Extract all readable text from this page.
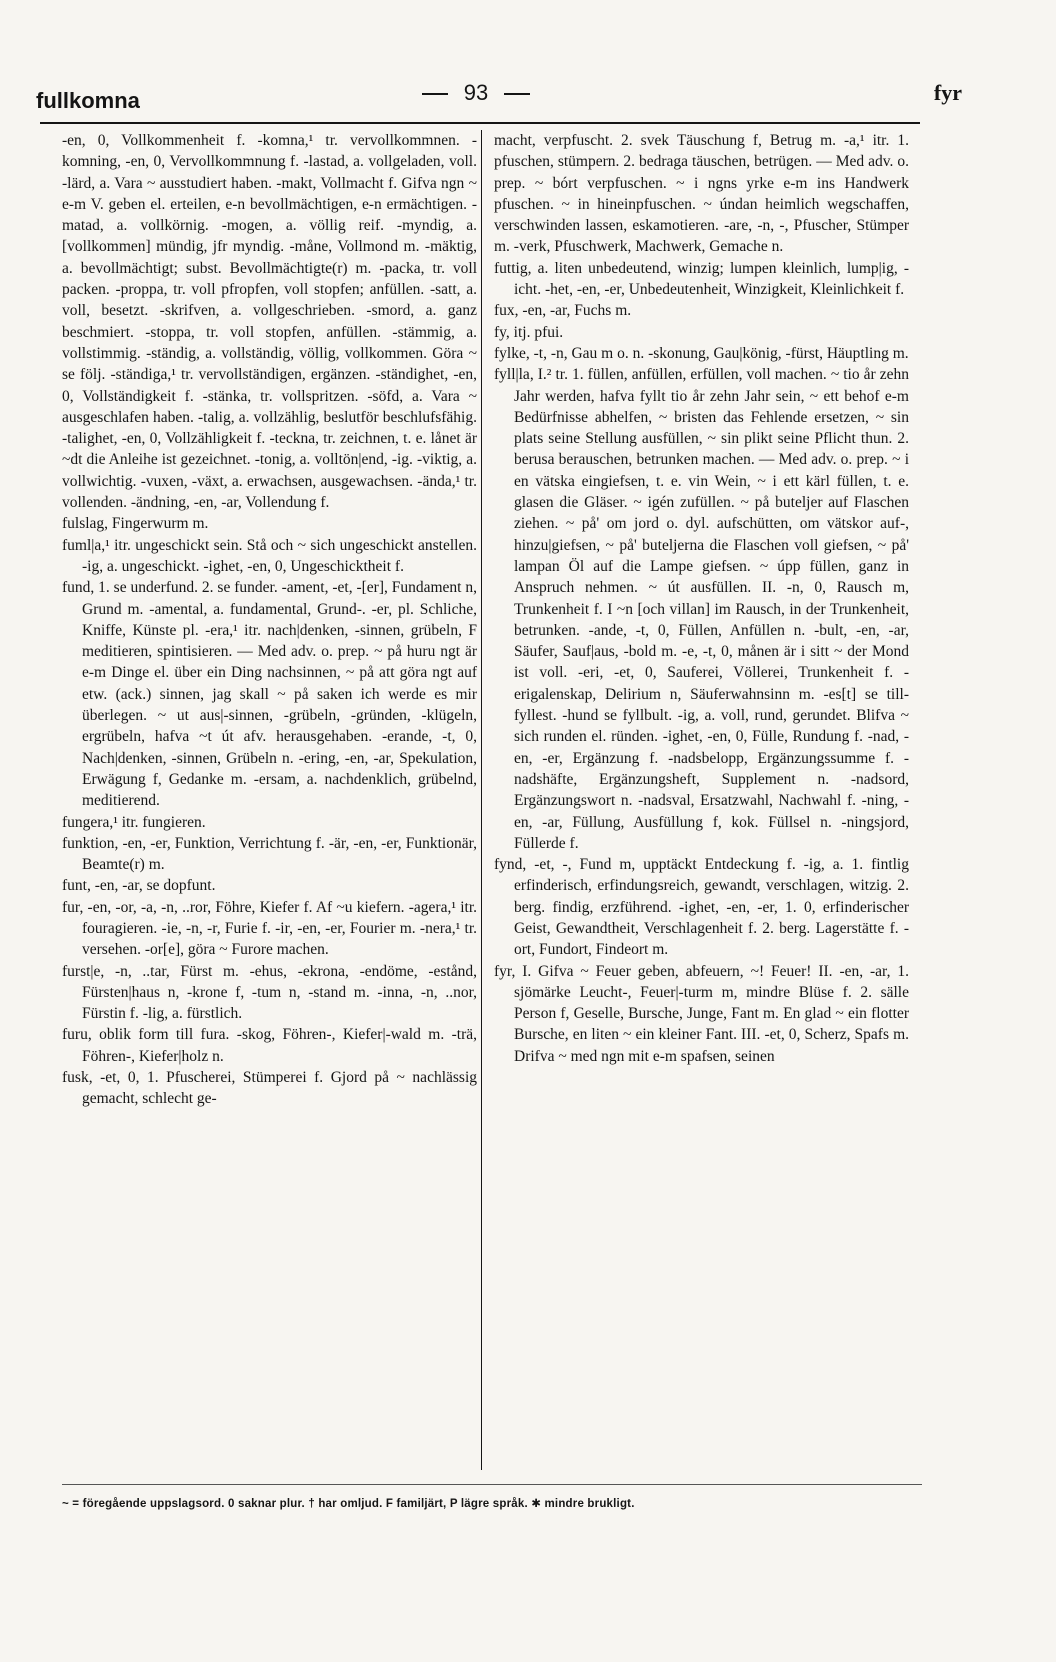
fullkomna	93	fyr

-en, 0, Vollkommenheit f. -komna,¹ tr. vervollkommnen. -komning, -en, 0, Vervollkommnung f. -lastad, a. vollgeladen, voll. -lärd, a. Vara ~ ausstudiert haben. -makt, Vollmacht f. Gifva ngn ~ e-m V. geben el. erteilen, e-n bevollmächtigen, e-n ermächtigen. -matad, a. vollkörnig. -mogen, a. völlig reif. -myndig, a. [vollkommen] mündig, jfr myndig. -måne, Vollmond m. -mäktig, a. bevollmächtigt; subst. Bevollmächtigte(r) m. -packa, tr. voll packen. -proppa, tr. voll pfropfen, voll stopfen; anfüllen. -satt, a. voll, besetzt. -skrifven, a. vollgeschrieben. -smord, a. ganz beschmiert. -stoppa, tr. voll stopfen, anfüllen. -stämmig, a. vollstimmig. -ständig, a. vollständig, völlig, vollkommen. Göra ~ se följ. -ständiga,¹ tr. vervollständigen, ergänzen. -ständighet, -en, 0, Vollständigkeit f. -stänka, tr. vollspritzen. -söfd, a. Vara ~ ausgeschlafen haben. -talig, a. vollzählig, beslutför beschlufsfähig. -talighet, -en, 0, Vollzähligkeit f. -teckna, tr. zeichnen, t. e. lånet är ~dt die Anleihe ist gezeichnet. -tonig, a. volltön|end, -ig. -viktig, a. vollwichtig. -vuxen, -växt, a. erwachsen, ausgewachsen. -ända,¹ tr. vollenden. -ändning, -en, -ar, Vollendung f.

fulslag, Fingerwurm m.

fuml|a,¹ itr. ungeschickt sein. Stå och ~ sich ungeschickt anstellen. -ig, a. ungeschickt. -ighet, -en, 0, Ungeschicktheit f.

fund, 1. se underfund. 2. se funder. -ament, -et, -[er], Fundament n, Grund m. -amental, a. fundamental, Grund-. -er, pl. Schliche, Kniffe, Künste pl. -era,¹ itr. nach|denken, -sinnen, grübeln, F meditieren, spintisieren. — Med adv. o. prep. ~ på huru ngt är e-m Dinge el. über ein Ding nachsinnen, ~ på att göra ngt auf etw. (ack.) sinnen, jag skall ~ på saken ich werde es mir überlegen. ~ ut aus|-sinnen, -grübeln, -gründen, -klügeln, ergrübeln, hafva ~t út afv. herausgehaben. -erande, -t, 0, Nach|denken, -sinnen, Grübeln n. -ering, -en, -ar, Spekulation, Erwägung f, Gedanke m. -ersam, a. nachdenklich, grübelnd, meditierend.

fungera,¹ itr. fungieren.

funktion, -en, -er, Funktion, Verrichtung f. -är, -en, -er, Funktionär, Beamte(r) m.

funt, -en, -ar, se dopfunt.

fur, -en, -or, -a, -n, ..ror, Föhre, Kiefer f. Af ~u kiefern. -agera,¹ itr. fouragieren. -ie, -n, -r, Furie f. -ir, -en, -er, Fourier m. -nera,¹ tr. versehen. -or[e], göra ~ Furore machen.

furst|e, -n, ..tar, Fürst m. -ehus, -ekrona, -endöme, -estånd, Fürsten|haus n, -krone f, -tum n, -stand m. -inna, -n, ..nor, Fürstin f. -lig, a. fürstlich.

furu, oblik form till fura. -skog, Föhren-, Kiefer|-wald m. -trä, Föhren-, Kiefer|holz n.

fusk, -et, 0, 1. Pfuscherei, Stümperei f. Gjord på ~ nachlässig gemacht, schlecht ge-

macht, verpfuscht. 2. svek Täuschung f, Betrug m. -a,¹ itr. 1. pfuschen, stümpern. 2. bedraga täuschen, betrügen. — Med adv. o. prep. ~ bórt verpfuschen. ~ i ngns yrke e-m ins Handwerk pfuschen. ~ in hineinpfuschen. ~ úndan heimlich wegschaffen, verschwinden lassen, eskamotieren. -are, -n, -, Pfuscher, Stümper m. -verk, Pfuschwerk, Machwerk, Gemache n.

futtig, a. liten unbedeutend, winzig; lumpen kleinlich, lump|ig, -icht. -het, -en, -er, Unbedeutenheit, Winzigkeit, Kleinlichkeit f.

fux, -en, -ar, Fuchs m.

fy, itj. pfui.

fylke, -t, -n, Gau m o. n. -skonung, Gau|könig, -fürst, Häuptling m.

fyll|la, I.² tr. 1. füllen, anfüllen, erfüllen, voll machen. ~ tio år zehn Jahr werden, hafva fyllt tio år zehn Jahr sein, ~ ett behof e-m Bedürfnisse abhelfen, ~ bristen das Fehlende ersetzen, ~ sin plats seine Stellung ausfüllen, ~ sin plikt seine Pflicht thun. 2. berusa berauschen, betrunken machen. — Med adv. o. prep. ~ i en vätska eingiefsen, t. e. vin Wein, ~ i ett kärl füllen, t. e. glasen die Gläser. ~ igén zufüllen. ~ på buteljer auf Flaschen ziehen. ~ på' om jord o. dyl. aufschütten, om vätskor auf-, hinzu|giefsen, ~ på' buteljerna die Flaschen voll giefsen, ~ på' lampan Öl auf die Lampe giefsen. ~ úpp füllen, ganz in Anspruch nehmen. ~ út ausfüllen. II. -n, 0, Rausch m, Trunkenheit f. I ~n [och villan] im Rausch, in der Trunkenheit, betrunken. -ande, -t, 0, Füllen, Anfüllen n. -bult, -en, -ar, Säufer, Sauf|aus, -bold m. -e, -t, 0, månen är i sitt ~ der Mond ist voll. -eri, -et, 0, Sauferei, Völlerei, Trunkenheit f. -erigalenskap, Delirium n, Säuferwahnsinn m. -es[t] se till-fyllest. -hund se fyllbult. -ig, a. voll, rund, gerundet. Blifva ~ sich runden el. ründen. -ighet, -en, 0, Fülle, Rundung f. -nad, -en, -er, Ergänzung f. -nadsbelopp, Ergänzungssumme f. -nadshäfte, Ergänzungsheft, Supplement n. -nadsord, Ergänzungswort n. -nadsval, Ersatzwahl, Nachwahl f. -ning, -en, -ar, Füllung, Ausfüllung f, kok. Füllsel n. -ningsjord, Füllerde f.

fynd, -et, -, Fund m, upptäckt Entdeckung f. -ig, a. 1. fintlig erfinderisch, erfindungsreich, gewandt, verschlagen, witzig. 2. berg. findig, erzführend. -ighet, -en, -er, 1. 0, erfinderischer Geist, Gewandtheit, Verschlagenheit f. 2. berg. Lagerstätte f. -ort, Fundort, Findeort m.

fyr, I. Gifva ~ Feuer geben, abfeuern, ~! Feuer! II. -en, -ar, 1. sjömärke Leucht-, Feuer|-turm m, mindre Blüse f. 2. sälle Person f, Geselle, Bursche, Junge, Fant m. En glad ~ ein flotter Bursche, en liten ~ ein kleiner Fant. III. -et, 0, Scherz, Spafs m. Drifva ~ med ngn mit e-m spafsen, seinen

~ = föregående uppslagsord. 0 saknar plur. † har omljud. F familjärt, P lägre språk. ✱ mindre brukligt.
